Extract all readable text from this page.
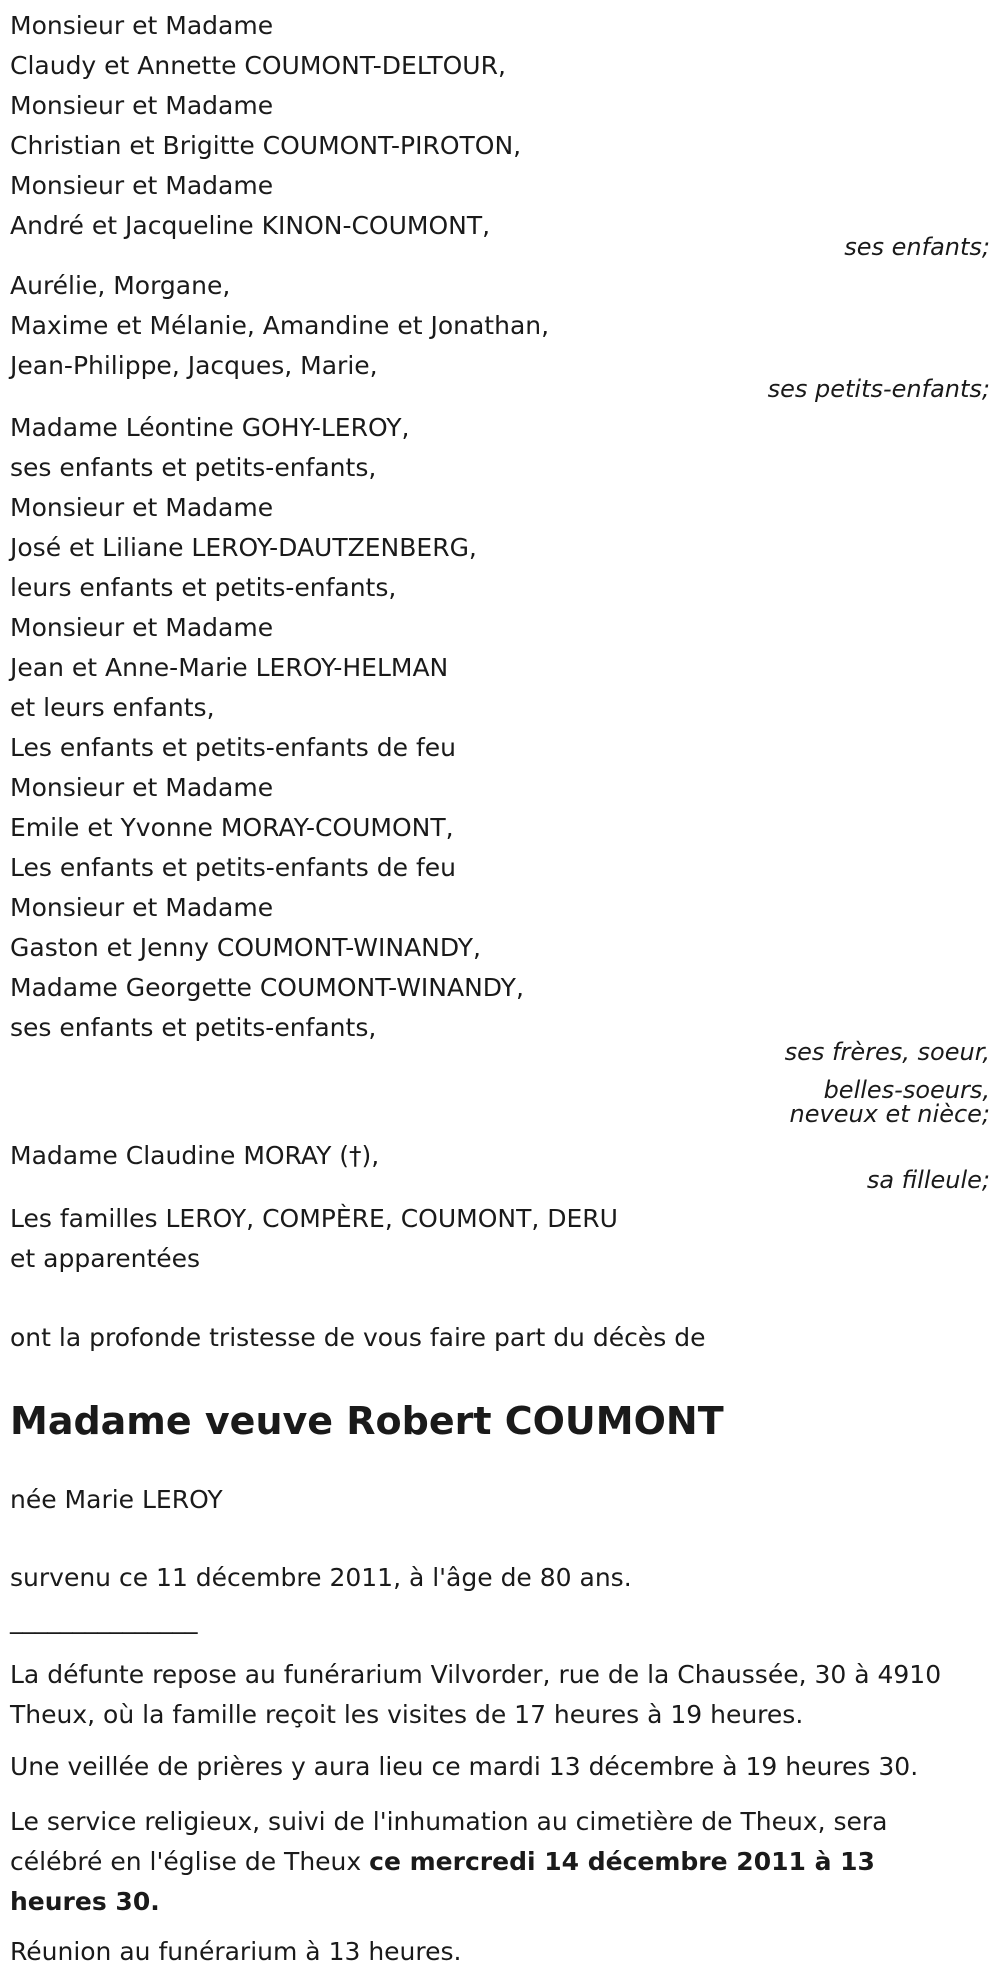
Monsieur et Madame
Claudy et Annette COUMONT-DELTOUR,
Monsieur et Madame
Christian et Brigitte COUMONT-PIROTON,
Monsieur et Madame
André et Jacqueline KINON-COUMONT,
ses enfants;
Aurélie, Morgane,
Maxime et Mélanie, Amandine et Jonathan,
Jean-Philippe, Jacques, Marie,
ses petits-enfants;
Madame Léontine GOHY-LEROY,
ses enfants et petits-enfants,
Monsieur et Madame
José et Liliane LEROY-DAUTZENBERG,
leurs enfants et petits-enfants,
Monsieur et Madame
Jean et Anne-Marie LEROY-HELMAN
et leurs enfants,
Les enfants et petits-enfants de feu
Monsieur et Madame
Emile et Yvonne MORAY-COUMONT,
Les enfants et petits-enfants de feu
Monsieur et Madame
Gaston et Jenny COUMONT-WINANDY,
Madame Georgette COUMONT-WINANDY,
ses enfants et petits-enfants,
ses frères, soeur,
belles-soeurs,
neveux et nièce;
Madame Claudine MORAY (†),
sa filleule;
Les familles LEROY, COMPÈRE, COUMONT, DERU
et apparentées
ont la profonde tristesse de vous faire part du décès de
Madame veuve Robert COUMONT
née Marie LEROY
survenu ce 11 décembre 2011, à l'âge de 80 ans.
_______________
La défunte repose au funérarium Vilvorder, rue de la Chaussée, 30 à 4910 Theux, où la famille reçoit les visites de 17 heures à 19 heures.
Une veillée de prières y aura lieu ce mardi 13 décembre à 19 heures 30.
Le service religieux, suivi de l'inhumation au cimetière de Theux, sera célébré en l'église de Theux ce mercredi 14 décembre 2011 à 13 heures 30.
Réunion au funérarium à 13 heures.
